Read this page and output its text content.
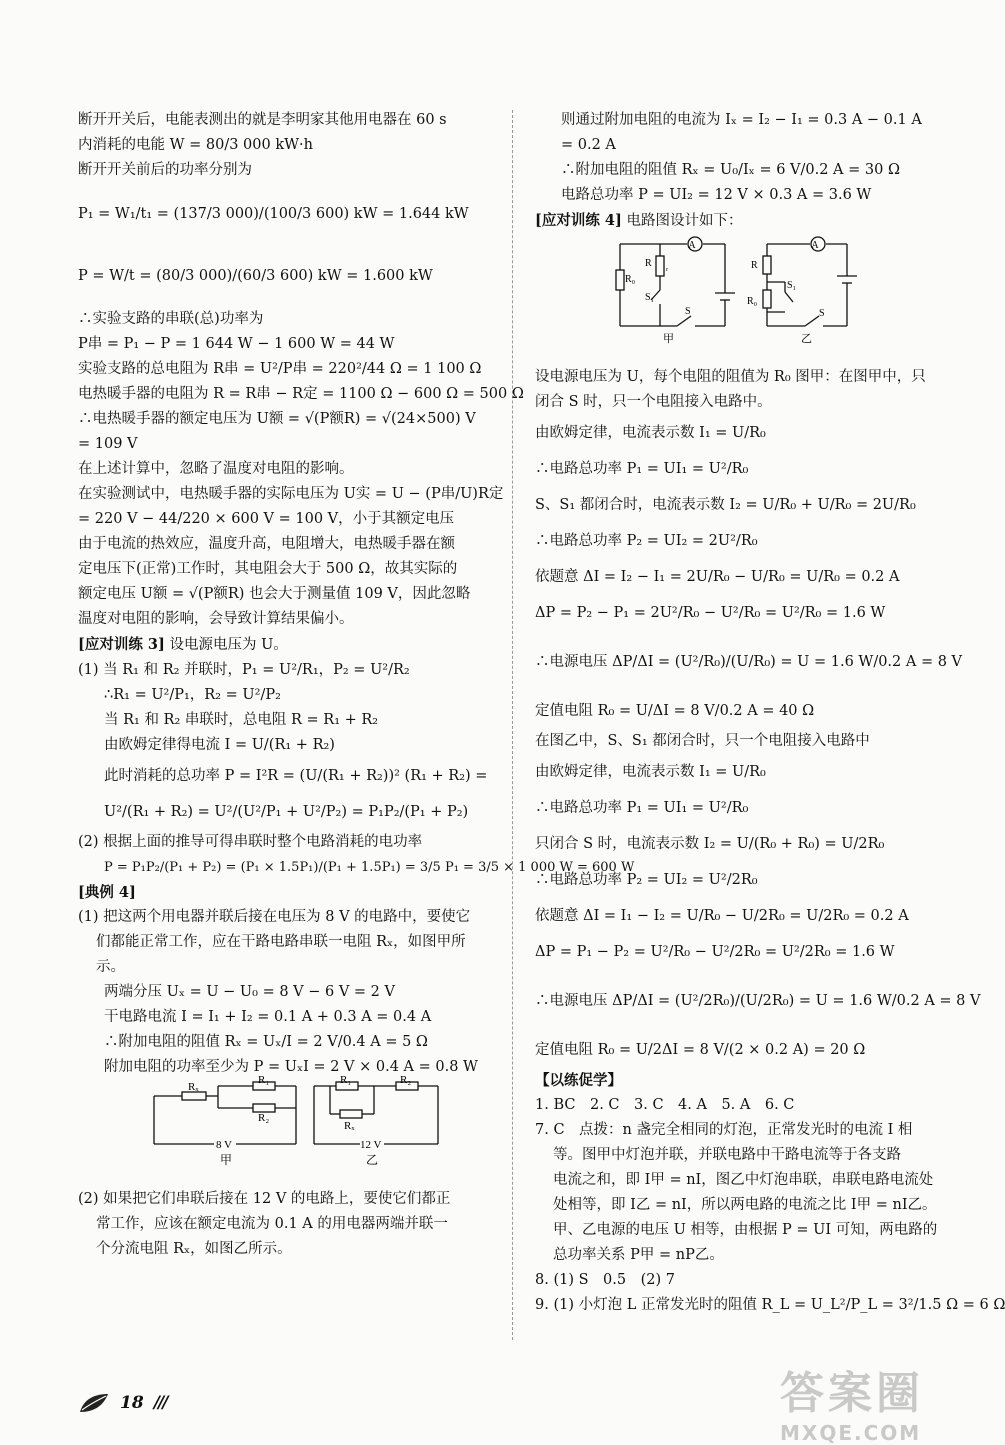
断开开关后，电能表测出的就是李明家其他用电器在 60 s
内消耗的电能 W = 80/3 000 kW·h
断开开关前后的功率分别为
P₁ = W₁/t₁ = (137/3 000)/(100/3 600) kW = 1.644 kW
P = W/t = (80/3 000)/(60/3 600) kW = 1.600 kW
∴实验支路的串联(总)功率为
P串 = P₁ − P = 1 644 W − 1 600 W = 44 W
实验支路的总电阻为 R串 = U²/P串 = 220²/44 Ω = 1 100 Ω
电热暖手器的电阻为 R = R串 − R定 = 1100 Ω − 600 Ω = 500 Ω
∴电热暖手器的额定电压为 U额 = √(P额R) = √(24×500) V
= 109 V
在上述计算中，忽略了温度对电阻的影响。
在实验测试中，电热暖手器的实际电压为 U实 = U − (P串/U)R定
= 220 V − 44/220 × 600 V = 100 V，小于其额定电压
由于电流的热效应，温度升高，电阻增大，电热暖手器在额
定电压下(正常)工作时，其电阻会大于 500 Ω，故其实际的
额定电压 U额 = √(P额R) 也会大于测量值 109 V，因此忽略
温度对电阻的影响，会导致计算结果偏小。
[应对训练 3] 设电源电压为 U。
(1) 当 R₁ 和 R₂ 并联时，P₁ = U²/R₁，P₂ = U²/R₂
∴R₁ = U²/P₁，R₂ = U²/P₂
当 R₁ 和 R₂ 串联时，总电阻 R = R₁ + R₂
由欧姆定律得电流 I = U/(R₁ + R₂)
此时消耗的总功率 P = I²R = (U/(R₁ + R₂))² (R₁ + R₂) =
U²/(R₁ + R₂) = U²/(U²/P₁ + U²/P₂) = P₁P₂/(P₁ + P₂)
(2) 根据上面的推导可得串联时整个电路消耗的电功率
P = P₁P₂/(P₁ + P₂) = (P₁ × 1.5P₁)/(P₁ + 1.5P₁) = 3/5 P₁ = 3/5 × 1 000 W = 600 W
[典例 4]
(1) 把这两个用电器并联后接在电压为 8 V 的电路中，要使它
们都能正常工作，应在干路电路串联一电阻 Rₓ，如图甲所
示。
两端分压 Uₓ = U − U₀ = 8 V − 6 V = 2 V
干电路电流 I = I₁ + I₂ = 0.1 A + 0.3 A = 0.4 A
∴附加电阻的阻值 Rₓ = Uₓ/I = 2 V/0.4 A = 5 Ω
附加电阻的功率至少为 P = UₓI = 2 V × 0.4 A = 0.8 W
Rₓ
R₁
R₂
8 V
甲
R₁	R₂
Rₓ
12 V
乙
(2) 如果把它们串联后接在 12 V 的电路上，要使它们都正
常工作，应该在额定电流为 0.1 A 的用电器两端并联一
个分流电阻 Rₓ，如图乙所示。
则通过附加电阻的电流为 Iₓ = I₂ − I₁ = 0.3 A − 0.1 A
= 0.2 A
∴附加电阻的阻值 Rₓ = U₀/Iₓ = 6 V/0.2 A = 30 Ω
电路总功率 P = UI₂ = 12 V × 0.3 A = 3.6 W
[应对训练 4] 电路图设计如下：
A
R₀
R ᵣ
S₁
S
甲
A
R
R₀
S₁
S
乙
设电源电压为 U，每个电阻的阻值为 R₀ 图甲：在图甲中，只
闭合 S 时，只一个电阻接入电路中。
由欧姆定律，电流表示数 I₁ = U/R₀
∴电路总功率 P₁ = UI₁ = U²/R₀
S、S₁ 都闭合时，电流表示数 I₂ = U/R₀ + U/R₀ = 2U/R₀
∴电路总功率 P₂ = UI₂ = 2U²/R₀
依题意 ΔI = I₂ − I₁ = 2U/R₀ − U/R₀ = U/R₀ = 0.2 A
ΔP = P₂ − P₁ = 2U²/R₀ − U²/R₀ = U²/R₀ = 1.6 W
∴电源电压 ΔP/ΔI = (U²/R₀)/(U/R₀) = U = 1.6 W/0.2 A = 8 V
定值电阻 R₀ = U/ΔI = 8 V/0.2 A = 40 Ω
在图乙中，S、S₁ 都闭合时，只一个电阻接入电路中
由欧姆定律，电流表示数 I₁ = U/R₀
∴电路总功率 P₁ = UI₁ = U²/R₀
只闭合 S 时，电流表示数 I₂ = U/(R₀ + R₀) = U/2R₀
∴电路总功率 P₂ = UI₂ = U²/2R₀
依题意 ΔI = I₁ − I₂ = U/R₀ − U/2R₀ = U/2R₀ = 0.2 A
ΔP = P₁ − P₂ = U²/R₀ − U²/2R₀ = U²/2R₀ = 1.6 W
∴电源电压 ΔP/ΔI = (U²/2R₀)/(U/2R₀) = U = 1.6 W/0.2 A = 8 V
定值电阻 R₀ = U/2ΔI = 8 V/(2 × 0.2 A) = 20 Ω
【以练促学】
1. BC　2. C　3. C　4. A　5. A　6. C
7. C　点拨：n 盏完全相同的灯泡，正常发光时的电流 I 相
等。图甲中灯泡并联，并联电路中干路电流等于各支路
电流之和，即 I甲 = nI，图乙中灯泡串联，串联电路电流处
处相等，即 I乙 = nI，所以两电路的电流之比 I甲 = nI乙。
甲、乙电源的电压 U 相等，由根据 P = UI 可知，两电路的
总功率关系 P甲 = nP乙。
8. (1) S　0.5　(2) 7
9. (1) 小灯泡 L 正常发光时的阻值 R_L = U_L²/P_L = 3²/1.5 Ω = 6 Ω
18 ///	答案圈
MXQE.COM
